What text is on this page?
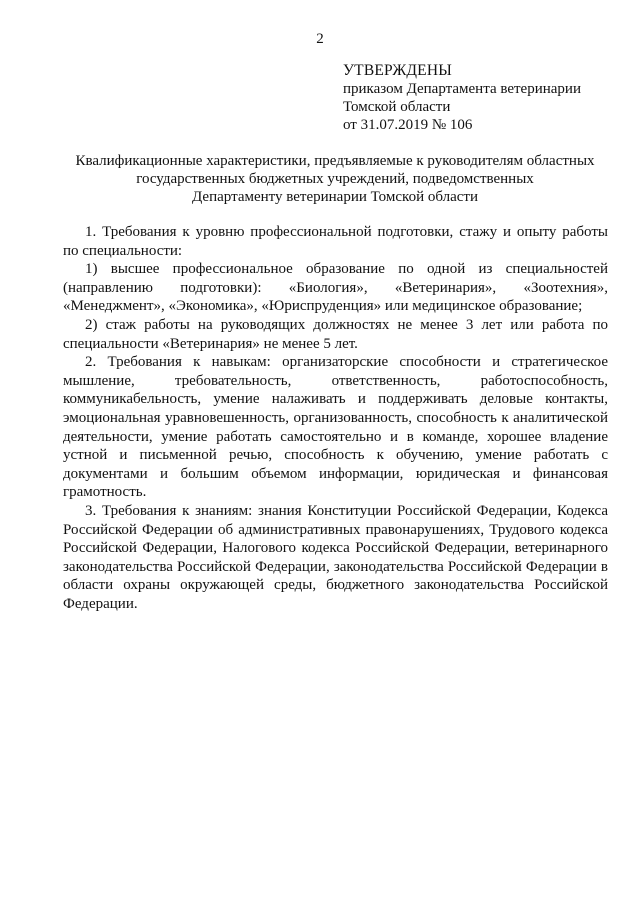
2
УТВЕРЖДЕНЫ
приказом Департамента ветеринарии
Томской области
от 31.07.2019 № 106
Квалификационные характеристики, предъявляемые к руководителям областных
государственных бюджетных учреждений, подведомственных
Департаменту ветеринарии Томской области

1. Требования к уровню профессиональной подготовки, стажу и опыту работы по специальности:

1) высшее профессиональное образование по одной из специальностей (направлению подготовки): «Биология», «Ветеринария», «Зоотехния», «Менеджмент», «Экономика», «Юриспруденция» или медицинское образование;

2) стаж работы на руководящих должностях не менее 3 лет или работа по специальности «Ветеринария» не менее 5 лет.

2. Требования к навыкам: организаторские способности и стратегическое мышление, требовательность, ответственность, работоспособность, коммуникабельность, умение налаживать и поддерживать деловые контакты, эмоциональная уравновешенность, организованность, способность к аналитической деятельности, умение работать самостоятельно и в команде, хорошее владение устной и письменной речью, способность к обучению, умение работать с документами и большим объемом информации, юридическая и финансовая грамотность.

3. Требования к знаниям: знания Конституции Российской Федерации, Кодекса Российской Федерации об административных правонарушениях, Трудового кодекса Российской Федерации, Налогового кодекса Российской Федерации, ветеринарного законодательства Российской Федерации, законодательства Российской Федерации в области охраны окружающей среды, бюджетного законодательства Российской Федерации.
